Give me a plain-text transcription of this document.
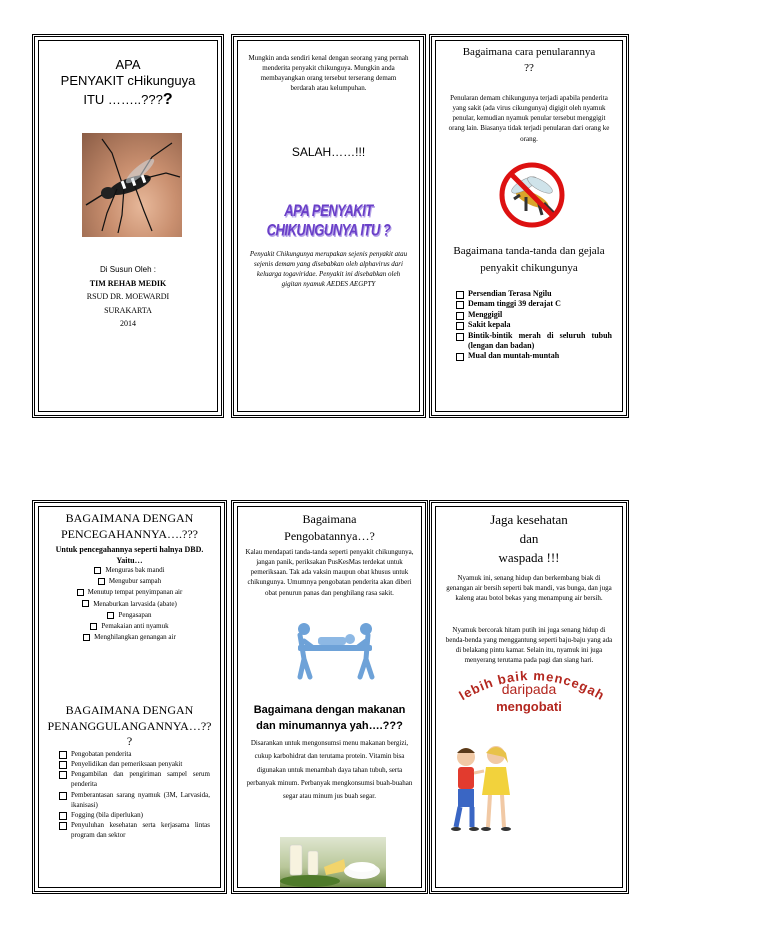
APA
PENYAKIT cHikunguya
ITU ……..????
Di Susun Oleh :
TIM REHAB MEDIK
RSUD DR. MOEWARDI
SURAKARTA
2014
Mungkin anda sendiri kenal dengan seorang yang pernah menderita penyakit chikunguya. Mungkin anda membayangkan orang tersebut terserang demam berdarah atau kelumpuhan.
SALAH……!!!
APA PENYAKIT CHIKUNGUNYA ITU ?
Penyakit Chikungunya merupakan sejenis penyakit atau sejenis demam yang disebabkan oleh alphavirus dari keluarga togaviridae. Penyakit ini disebabkan oleh gigitan nyamuk AEDES AEGPTY
Bagaimana cara penularannya ??
Penularan demam chikungunya terjadi apabila penderita yang sakit (ada virus cikungunya) digigit oleh nyamuk penular, kemudian nyamuk penular tersebut menggigit orang lain. Biasanya tidak terjadi penularan dari orang ke orang.
Bagaimana tanda-tanda dan gejala penyakit chikungunya
Persendian Terasa Ngilu
Demam tinggi 39 derajat C
Menggigil
Sakit kepala
Bintik-bintik merah di seluruh tubuh (lengan dan badan)
Mual dan muntah-muntah
BAGAIMANA DENGAN PENCEGAHANNYA….???
Untuk pencegahannya seperti halnya DBD. Yaitu…
Menguras bak mandi
Mengubur sampah
Menutup tempat penyimpanan air
Menaburkan larvasida (abate)
Pengasapan
Pemakaian anti nyamuk
Menghilangkan genangan air
BAGAIMANA DENGAN PENANGGULANGANNYA…??
?
Pengobatan penderita
Penyelidikan dan pemeriksaan penyakit
Pengambilan dan pengiriman sampel serum penderita
Pemberantasan sarang nyamuk (3M, Larvasida, ikanisasi)
Fogging (bila diperlukan)
Penyuluhan kesehatan serta kerjasama lintas program dan sektor
Bagaimana Pengobatannya…?
Kalau mendapati tanda-tanda seperti penyakit chikungunya, jangan panik, periksakan PusKesMas terdekat untuk pemeriksaan. Tak ada vaksin maupun obat khusus untuk chikungunya. Umumnya pengobatan penderita akan diberi obat penurun panas dan penghilang rasa sakit.
Bagaimana dengan makanan dan minumannya yah….???
Disarankan untuk mengonsumsi menu makanan bergizi, cukup karbohidrat dan terutama protein. Vitamin bisa digunakan untuk menambah daya tahan tubuh, serta perbanyak minum. Perbanyak mengkonsumsi buah-buahan segar atau minum jus buah segar.
Jaga kesehatan
dan
waspada !!!
Nyamuk ini, senang hidup dan berkembang biak di genangan air bersih seperti bak mandi, vas bunga, dan juga kaleng atau botol bekas yang menampung air bersih.
Nyamuk bercorak hitam putih ini juga senang hidup di benda-benda yang menggantung seperti baju-baju yang ada di belakang pintu kamar. Selain itu, nyamuk ini juga menyerang terutama pada pagi dan siang hari.
lebih baik mencegah
daripada
mengobati
